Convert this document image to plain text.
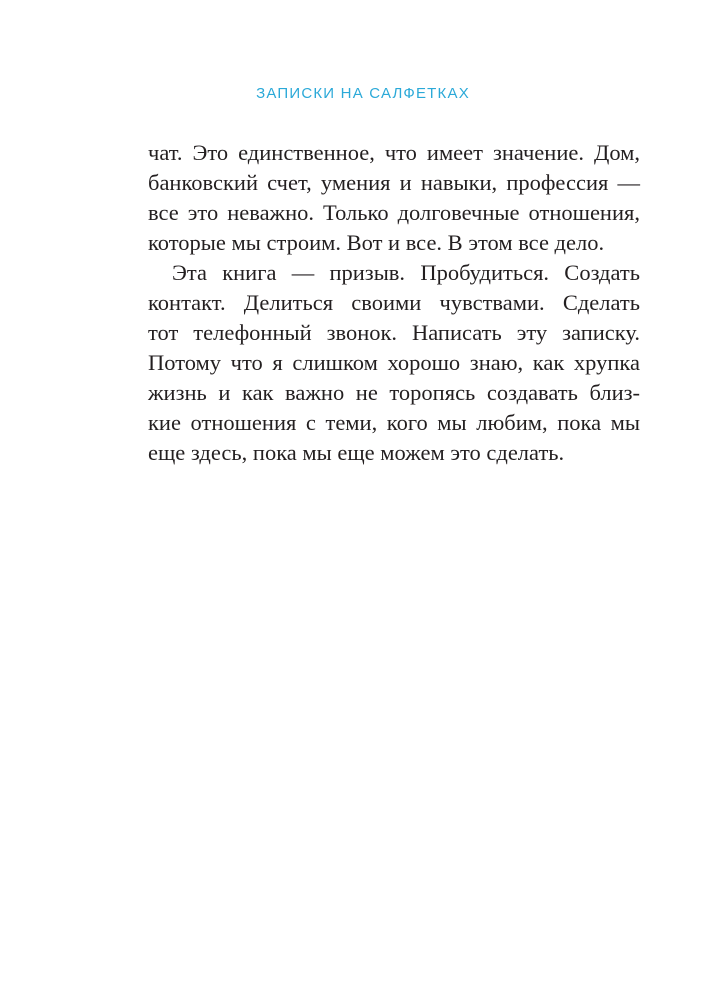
ЗАПИСКИ НА САЛФЕТКАХ
чат. Это единственное, что имеет значение. Дом,
банковский счет, умения и навыки, профессия —
все это неважно. Только долговечные отношения,
которые мы строим. Вот и все. В этом все дело.
Эта книга — призыв. Пробудиться. Создать
контакт. Делиться своими чувствами. Сделать
тот телефонный звонок. Написать эту записку.
Потому что я слишком хорошо знаю, как хрупка
жизнь и как важно не торопясь создавать близ-
кие отношения с теми, кого мы любим, пока мы
еще здесь, пока мы еще можем это сделать.
